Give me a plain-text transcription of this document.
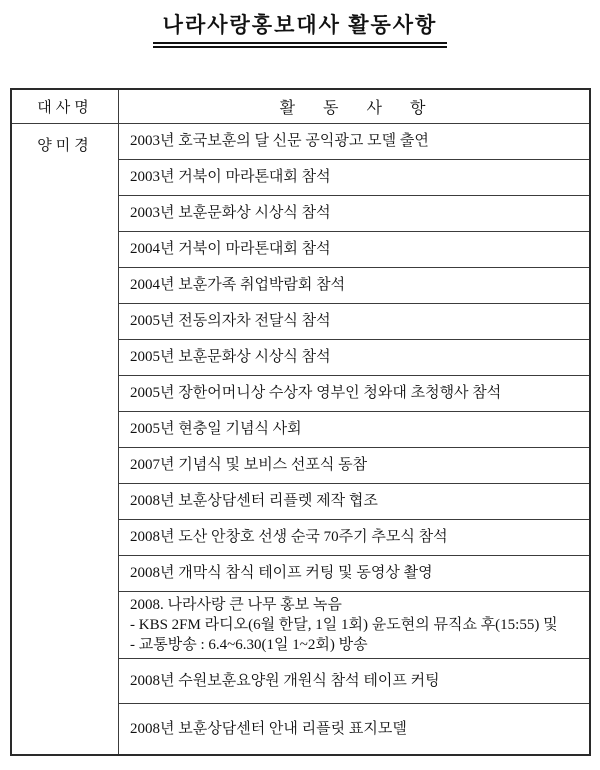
나라사랑홍보대사 활동사항
대사명	활 동 사 항
양미경	2003년 호국보훈의 달 신문 공익광고 모델 출연

	2003년 거북이 마라톤대회 참석

	2003년 보훈문화상 시상식 참석

	2004년 거북이 마라톤대회 참석

	2004년 보훈가족 취업박람회 참석

	2005년 전동의자차 전달식 참석

	2005년 보훈문화상 시상식 참석

	2005년 장한어머니상 수상자 영부인 청와대 초청행사 참석

	2005년 현충일 기념식 사회

	2007년 기념식 및 보비스 선포식 동참

	2008년 보훈상담센터 리플렛 제작 협조

	2008년 도산 안창호 선생 순국 70주기 추모식 참석

	2008년 개막식 참식 테이프 커팅 및 동영상 촬영

	2008. 나라사랑 큰 나무 홍보 녹음
- KBS 2FM 라디오(6월 한달, 1일 1회) 윤도현의 뮤직쇼 후(15:55) 및
- 교통방송 : 6.4~6.30(1일 1~2회) 방송

	2008년 수원보훈요양원 개원식 참석 테이프 커팅

	2008년 보훈상담센터 안내 리플릿 표지모델
